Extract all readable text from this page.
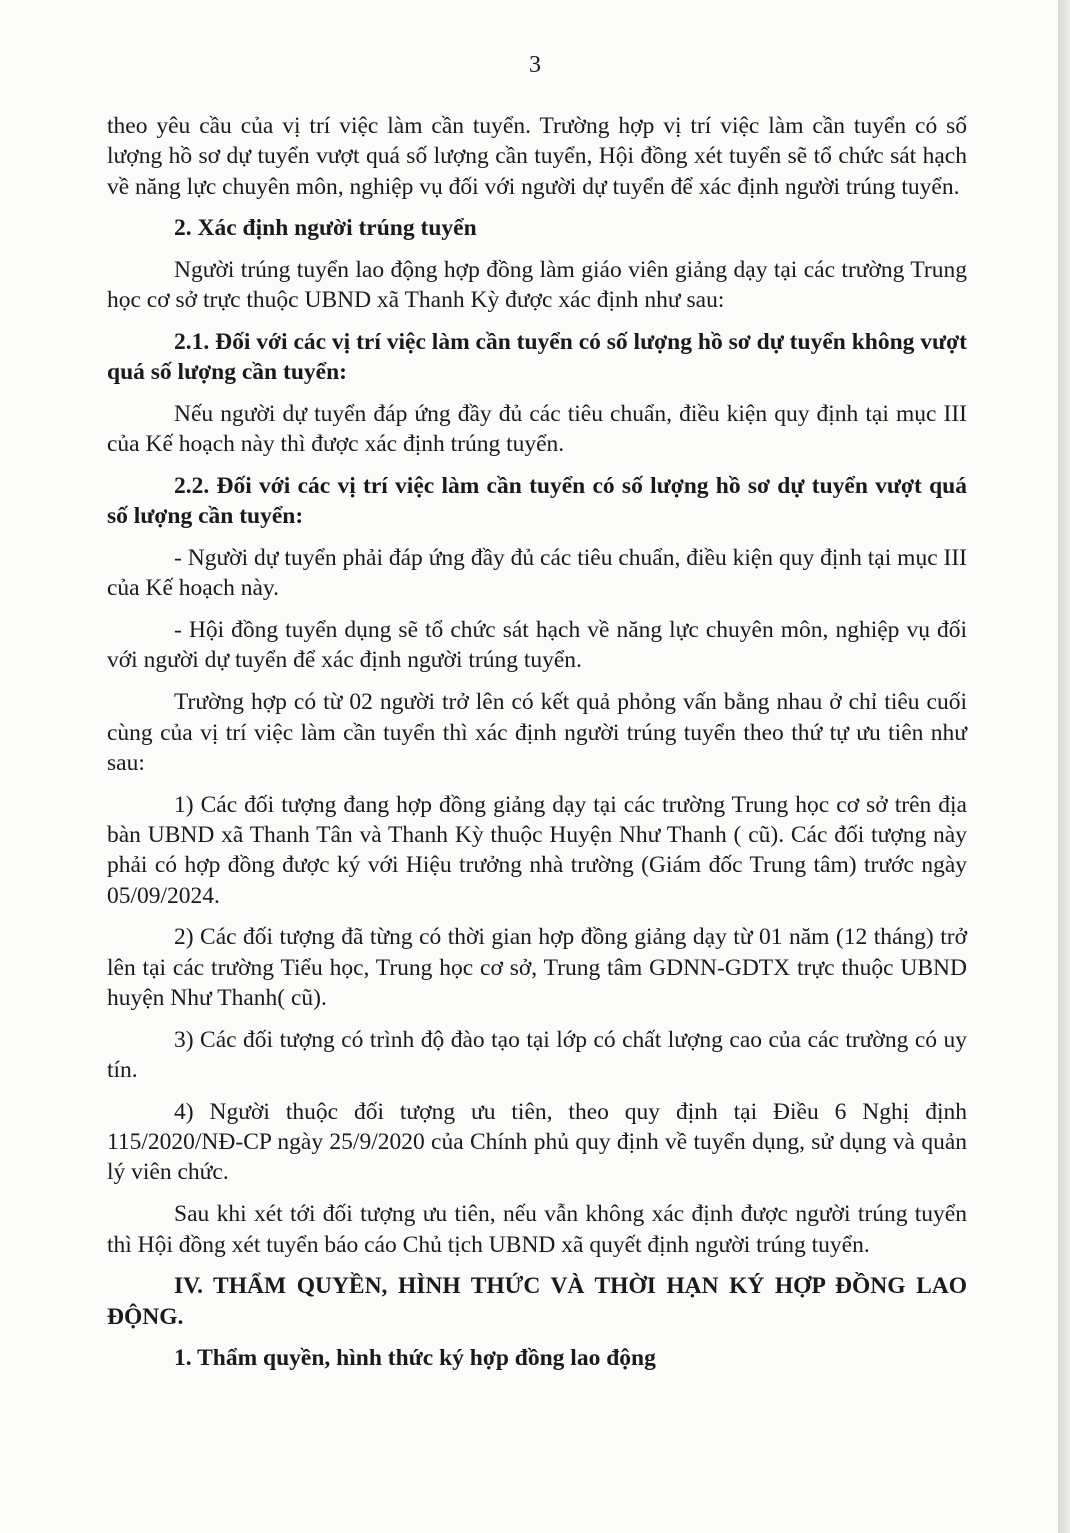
3

theo yêu cầu của vị trí việc làm cần tuyển. Trường hợp vị trí việc làm cần tuyển có số lượng hồ sơ dự tuyển vượt quá số lượng cần tuyển, Hội đồng xét tuyển sẽ tổ chức sát hạch về năng lực chuyên môn, nghiệp vụ đối với người dự tuyển để xác định người trúng tuyển.

2. Xác định người trúng tuyển

Người trúng tuyển lao động hợp đồng làm giáo viên giảng dạy tại các trường Trung học cơ sở trực thuộc UBND xã Thanh Kỳ được xác định như sau:

2.1. Đối với các vị trí việc làm cần tuyển có số lượng hồ sơ dự tuyển không vượt quá số lượng cần tuyển:

Nếu người dự tuyển đáp ứng đầy đủ các tiêu chuẩn, điều kiện quy định tại mục III của Kế hoạch này thì được xác định trúng tuyển.

2.2. Đối với các vị trí việc làm cần tuyển có số lượng hồ sơ dự tuyển vượt quá số lượng cần tuyển:

- Người dự tuyển phải đáp ứng đầy đủ các tiêu chuẩn, điều kiện quy định tại mục III của Kế hoạch này.

- Hội đồng tuyển dụng sẽ tổ chức sát hạch về năng lực chuyên môn, nghiệp vụ đối với người dự tuyển để xác định người trúng tuyển.

Trường hợp có từ 02 người trở lên có kết quả phỏng vấn bằng nhau ở chỉ tiêu cuối cùng của vị trí việc làm cần tuyển thì xác định người trúng tuyển theo thứ tự ưu tiên như sau:

1) Các đối tượng đang hợp đồng giảng dạy tại các trường Trung học cơ sở trên địa bàn UBND xã Thanh Tân và Thanh Kỳ thuộc Huyện Như Thanh ( cũ). Các đối tượng này phải có hợp đồng được ký với Hiệu trưởng nhà trường (Giám đốc Trung tâm) trước ngày 05/09/2024.

2) Các đối tượng đã từng có thời gian hợp đồng giảng dạy từ 01 năm (12 tháng) trở lên tại các trường Tiểu học, Trung học cơ sở, Trung tâm GDNN-GDTX trực thuộc UBND huyện Như Thanh( cũ).

3) Các đối tượng có trình độ đào tạo tại lớp có chất lượng cao của các trường có uy tín.

4) Người thuộc đối tượng ưu tiên, theo quy định tại Điều 6 Nghị định 115/2020/NĐ-CP ngày 25/9/2020 của Chính phủ quy định về tuyển dụng, sử dụng và quản lý viên chức.

Sau khi xét tới đối tượng ưu tiên, nếu vẫn không xác định được người trúng tuyển thì Hội đồng xét tuyển báo cáo Chủ tịch UBND xã quyết định người trúng tuyển.

IV. THẨM QUYỀN, HÌNH THỨC VÀ THỜI HẠN KÝ HỢP ĐỒNG LAO ĐỘNG.

1. Thẩm quyền, hình thức ký hợp đồng lao động
